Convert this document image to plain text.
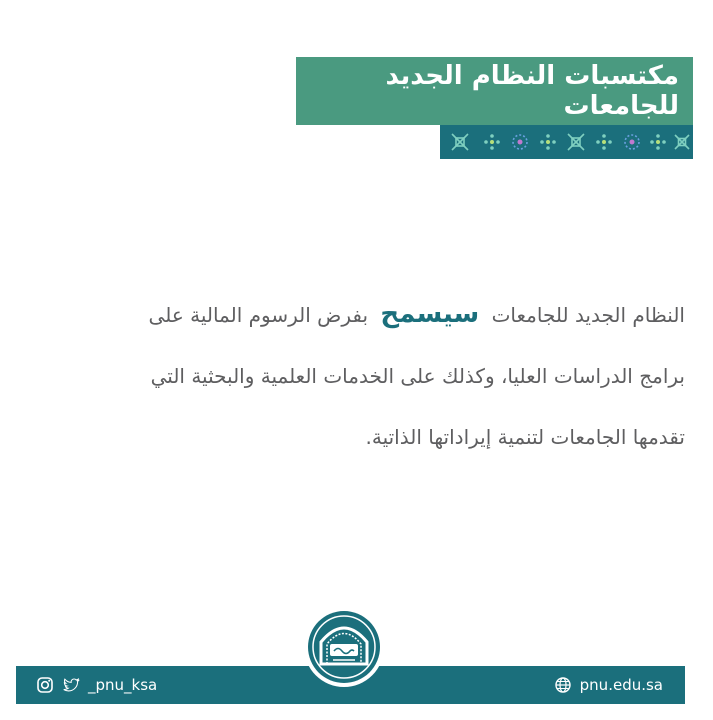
مكتسبات النظام الجديد للجامعات
النظام الجديد للجامعات سيسمح بفرض الرسوم المالية على
برامج الدراسات العليا، وكذلك على الخدمات العلمية والبحثية التي
تقدمها الجامعات لتنمية إيراداتها الذاتية.
_pnu_ksa	pnu.edu.sa
